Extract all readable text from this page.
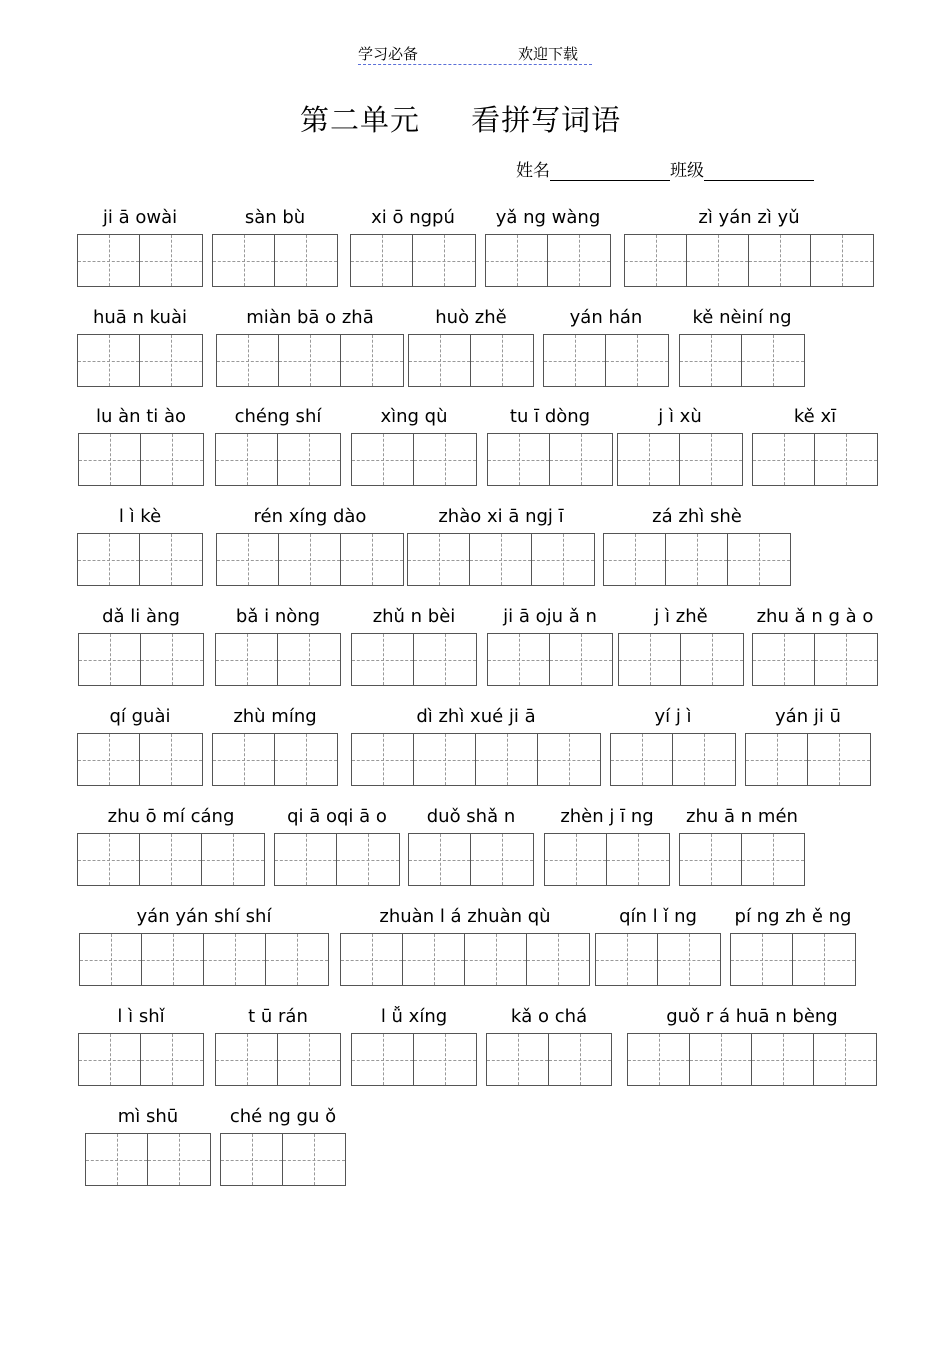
学习必备	欢迎下载
第二单元     看拼写词语
姓名	班级
ji ā owài	sàn bù	xi ō ngpú	yǎ ng wàng	zì yán zì yǔ
huā n kuài	miàn bā o zhā	huò zhě	yán hán	kě nèiní ng
lu àn ti ào	chéng shí	xìng qù	tu ī dòng	j ì xù	kě xī
l ì kè	rén xíng dào	zhào xi ā ngj ī	zá zhì shè
dǎ li àng	bǎ i nòng	zhǔ n bèi	ji ā oju ǎ n	j ì zhě	zhu ǎ n g à o
qí guài	zhù míng	dì zhì xué ji ā	yí j ì	yán ji ū
zhu ō mí cáng	qi ā oqi ā o	duǒ shǎ n	zhèn j ī ng	zhu ā n mén
yán yán shí shí	zhuàn l á zhuàn qù	qín l ǐ ng	pí ng zh ě ng
l ì shǐ	t ū rán	l ǚ xíng	kǎ o chá	guǒ r á huā n bèng
mì shū	ché ng gu ǒ
